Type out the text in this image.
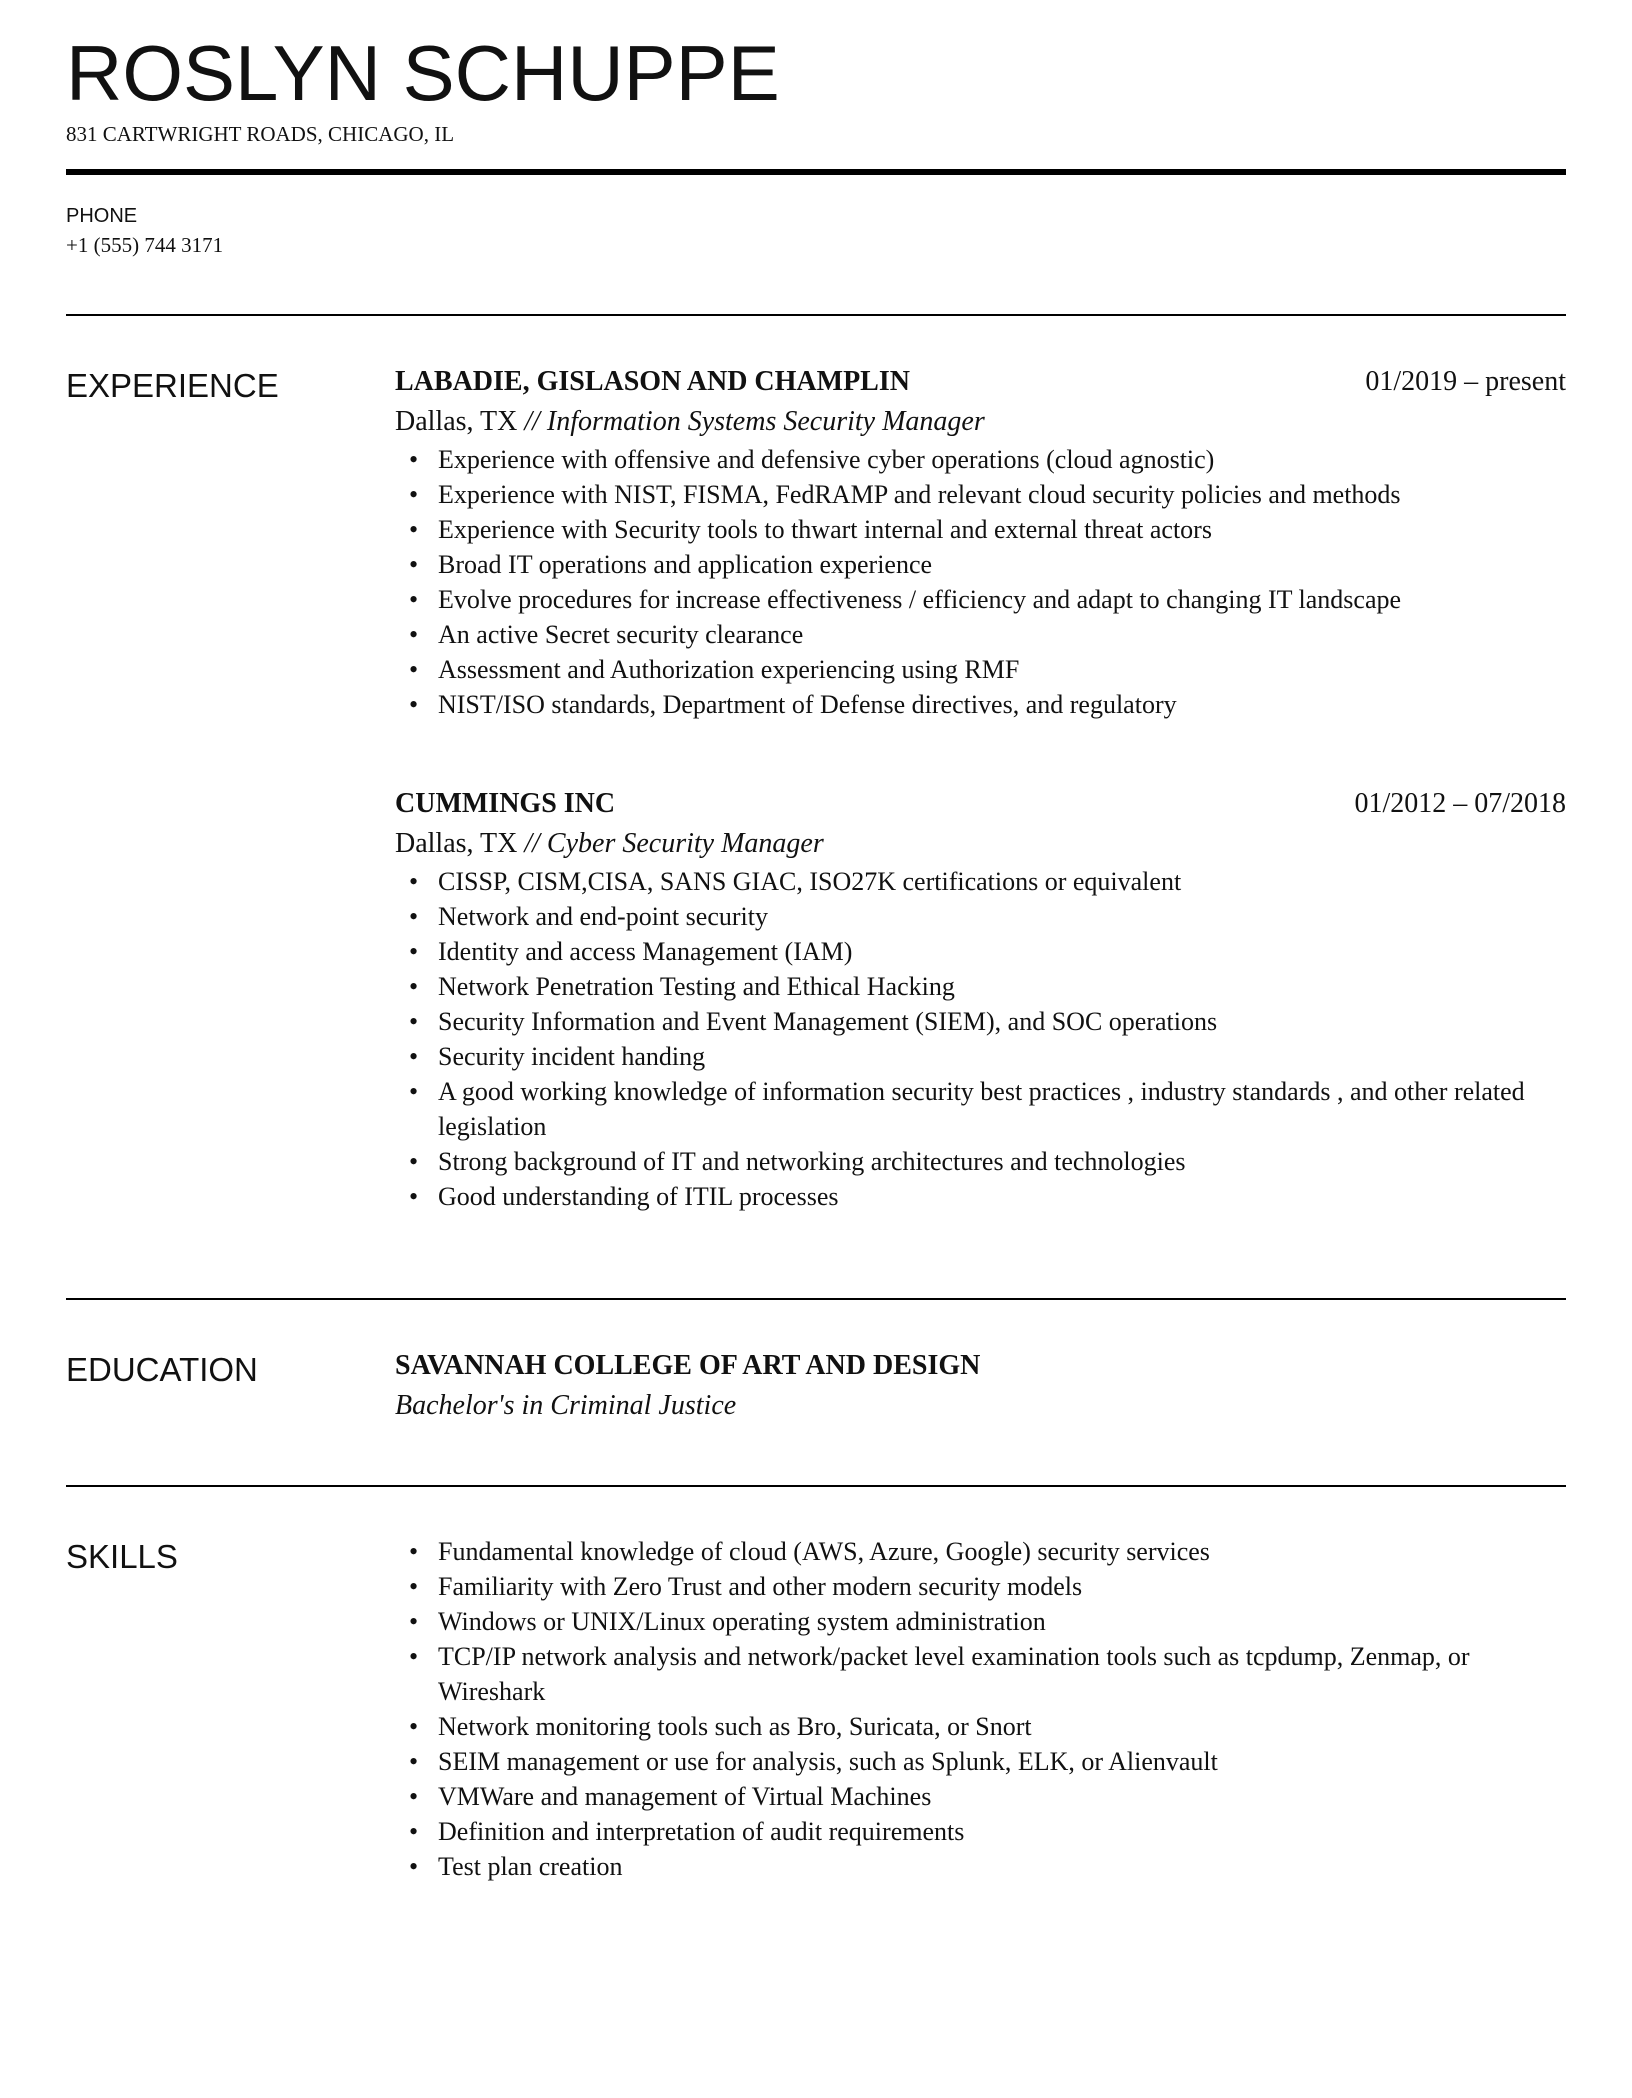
ROSLYN SCHUPPE
831 CARTWRIGHT ROADS, CHICAGO, IL
PHONE
+1 (555) 744 3171
EXPERIENCE	LABADIE, GISLASON AND CHAMPLIN	01/2019 – present
Dallas, TX // Information Systems Security Manager
• Experience with offensive and defensive cyber operations (cloud agnostic)
• Experience with NIST, FISMA, FedRAMP and relevant cloud security policies and methods
• Experience with Security tools to thwart internal and external threat actors
• Broad IT operations and application experience
• Evolve procedures for increase effectiveness / efficiency and adapt to changing IT landscape
• An active Secret security clearance
• Assessment and Authorization experiencing using RMF
• NIST/ISO standards, Department of Defense directives, and regulatory
CUMMINGS INC	01/2012 – 07/2018
Dallas, TX // Cyber Security Manager
• CISSP, CISM,CISA, SANS GIAC, ISO27K certifications or equivalent
• Network and end-point security
• Identity and access Management (IAM)
• Network Penetration Testing and Ethical Hacking
• Security Information and Event Management (SIEM), and SOC operations
• Security incident handing
• A good working knowledge of information security best practices , industry standards , and other related legislation
• Strong background of IT and networking architectures and technologies
• Good understanding of ITIL processes
EDUCATION	SAVANNAH COLLEGE OF ART AND DESIGN
Bachelor's in Criminal Justice
SKILLS
•	Fundamental knowledge of cloud (AWS, Azure, Google) security services
• Familiarity with Zero Trust and other modern security models
• Windows or UNIX/Linux operating system administration
• TCP/IP network analysis and network/packet level examination tools such as tcpdump, Zenmap, or Wireshark
• Network monitoring tools such as Bro, Suricata, or Snort
• SEIM management or use for analysis, such as Splunk, ELK, or Alienvault
• VMWare and management of Virtual Machines
• Definition and interpretation of audit requirements
• Test plan creation
